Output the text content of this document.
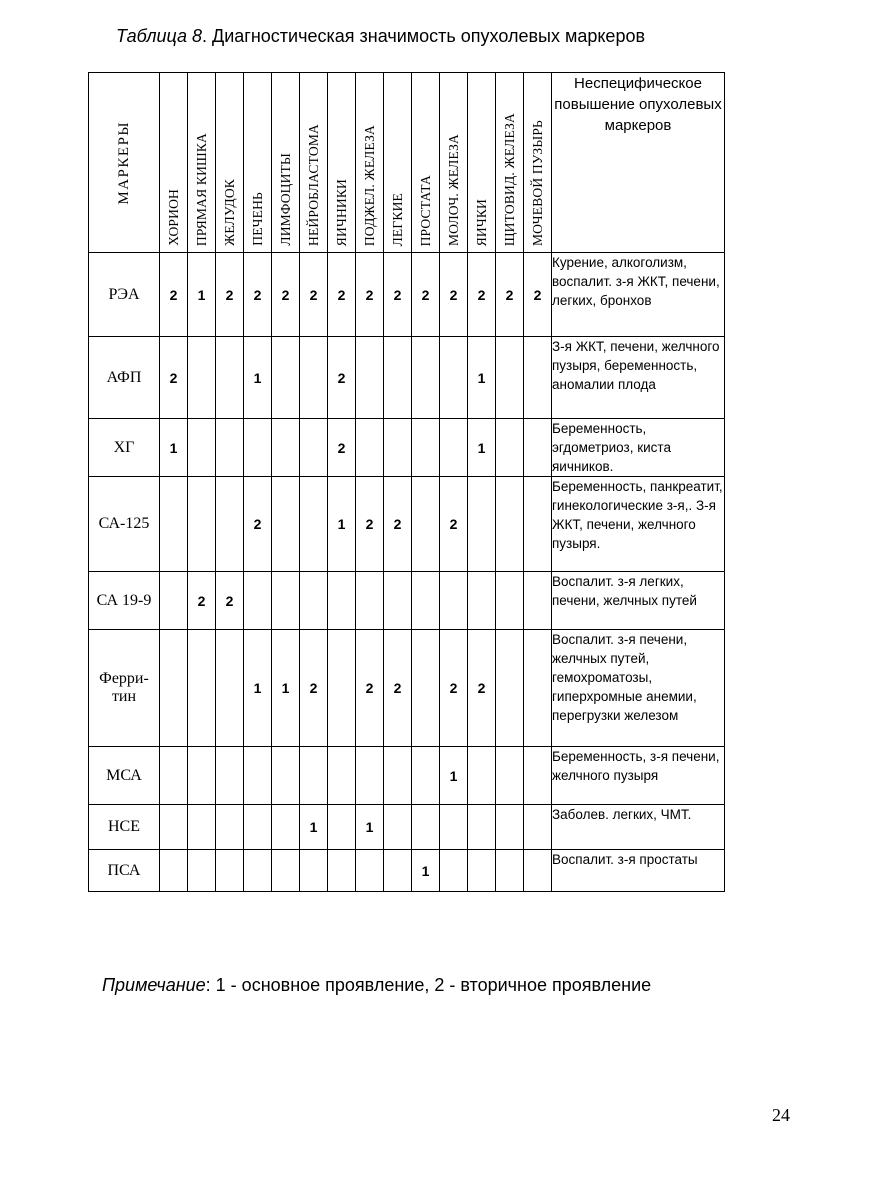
Таблица 8. Диагностическая значимость опухолевых маркеров
МАРКЕРЫ	ХОРИОН	ПРЯМАЯ КИШКА	ЖЕЛУДОК	ПЕЧЕНЬ	ЛИМФОЦИТЫ	НЕЙРОБЛАСТОМА	ЯИЧНИКИ	ПОДЖЕЛ. ЖЕЛЕЗА	ЛЕГКИЕ	ПРОСТАТА	МОЛОЧ. ЖЕЛЕЗА	ЯИЧКИ	ЩИТОВИД. ЖЕЛЕЗА	МОЧЕВОЙ ПУЗЫРЬ	Неспецифическое повышение опухолевых маркеров
РЭА	2	1	2	2	2	2	2	2	2	2	2	2	2	2	Курение, алкоголизм, воспалит. з-я ЖКТ, печени, легких, бронхов
АФП	2			1			2					1			З-я ЖКТ, печени, желчного пузыря, беременность, аномалии плода
ХГ	1						2					1			Беременность, эгдометриоз, киста яичников.
СА-125				2			1	2	2		2				Беременность, панкреатит, гинекологические з-я,. З-я ЖКТ, печени, желчного пузыря.
СА 19-9		2	2												Воспалит. з-я легких, печени, желчных путей
Ферри-тин				1	1	2		2	2		2	2			Воспалит. з-я печени, желчных путей, гемохроматозы, гиперхромные анемии, перегрузки железом
МСА											1				Беременность, з-я печени, желчного пузыря
НСЕ						1		1							Заболев. легких, ЧМТ.
ПСА										1					Воспалит. з-я простаты
Примечание: 1 - основное проявление, 2 - вторичное проявление
24
